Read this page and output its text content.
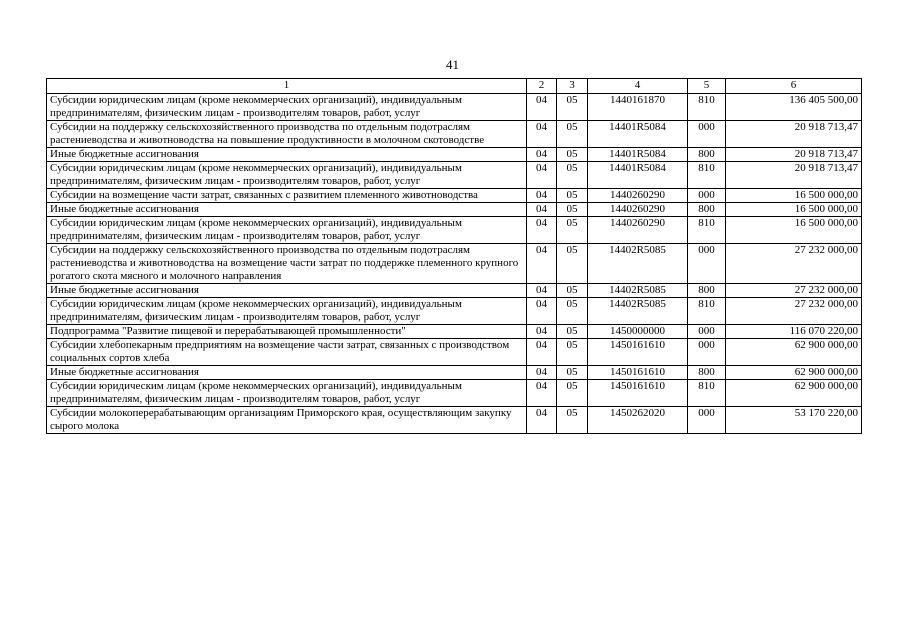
41
1	2	3	4	5	6
Субсидии юридическим лицам (кроме некоммерческих организаций), индивидуальным предпринимателям, физическим лицам - производителям товаров, работ, услуг	04	05	1440161870	810	136 405 500,00
Субсидии на поддержку сельскохозяйственного производства по отдельным подотраслям растениеводства и животноводства на повышение продуктивности в молочном скотоводстве	04	05	14401R5084	000	20 918 713,47
Иные бюджетные ассигнования	04	05	14401R5084	800	20 918 713,47
Субсидии юридическим лицам (кроме некоммерческих организаций), индивидуальным предпринимателям, физическим лицам - производителям товаров, работ, услуг	04	05	14401R5084	810	20 918 713,47
Субсидии на возмещение части затрат, связанных с развитием племенного животноводства	04	05	1440260290	000	16 500 000,00
Иные бюджетные ассигнования	04	05	1440260290	800	16 500 000,00
Субсидии юридическим лицам (кроме некоммерческих организаций), индивидуальным предпринимателям, физическим лицам - производителям товаров, работ, услуг	04	05	1440260290	810	16 500 000,00
Субсидии на поддержку сельскохозяйственного производства по отдельным подотраслям растениеводства и животноводства на возмещение части затрат по поддержке племенного крупного рогатого скота мясного и молочного направления	04	05	14402R5085	000	27 232 000,00
Иные бюджетные ассигнования	04	05	14402R5085	800	27 232 000,00
Субсидии юридическим лицам (кроме некоммерческих организаций), индивидуальным предпринимателям, физическим лицам - производителям товаров, работ, услуг	04	05	14402R5085	810	27 232 000,00
Подпрограмма "Развитие пищевой и перерабатывающей промышленности"	04	05	1450000000	000	116 070 220,00
Субсидии хлебопекарным предприятиям на возмещение части затрат, связанных с производством социальных сортов хлеба	04	05	1450161610	000	62 900 000,00
Иные бюджетные ассигнования	04	05	1450161610	800	62 900 000,00
Субсидии юридическим лицам (кроме некоммерческих организаций), индивидуальным предпринимателям, физическим лицам - производителям товаров, работ, услуг	04	05	1450161610	810	62 900 000,00
Субсидии молокоперерабатывающим организациям Приморского края, осуществляющим закупку сырого молока	04	05	1450262020	000	53 170 220,00
